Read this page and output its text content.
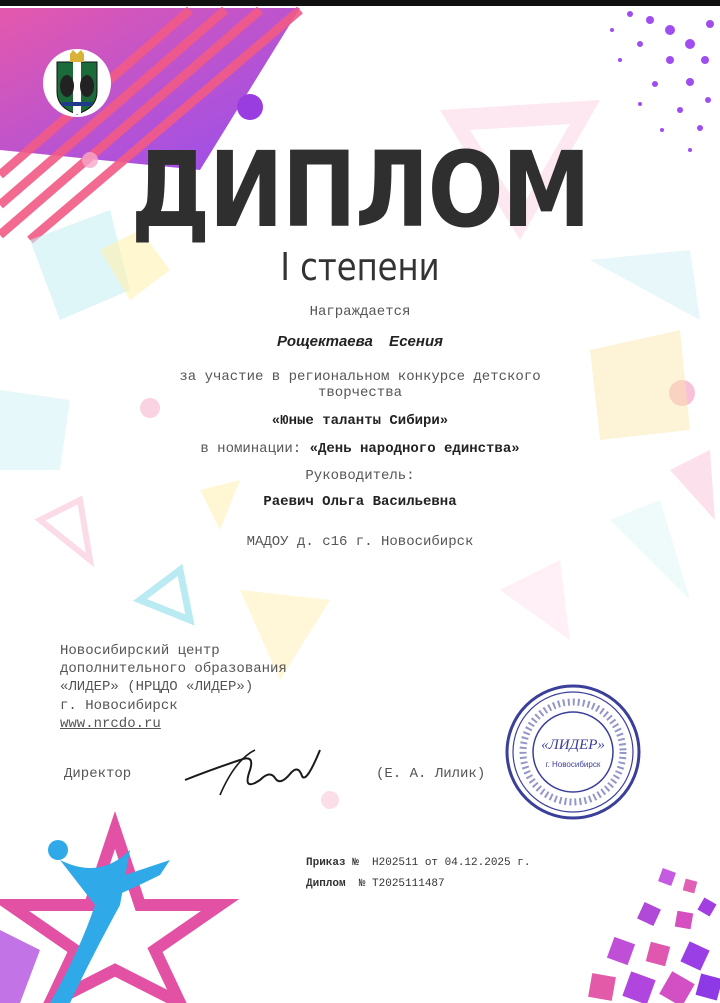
ДИПЛОМ
I степени
Награждается
Рощектаева Есения
за участие в региональном конкурсе детского творчества
«Юные таланты Сибири»
в номинации: «День народного единства»
Руководитель:
Раевич Ольга Васильевна
МАДОУ д. с16 г. Новосибирск
Новосибирский центр
дополнительного образования
«ЛИДЕР» (НРЦДО «ЛИДЕР»)
г. Новосибирск
www.nrcdo.ru
Директор	(Е. А. Лилик)
«ЛИДЕР»
г. Новосибирск
Приказ № Н202511 от 04.12.2025 г.
Диплом № Т2025111487
